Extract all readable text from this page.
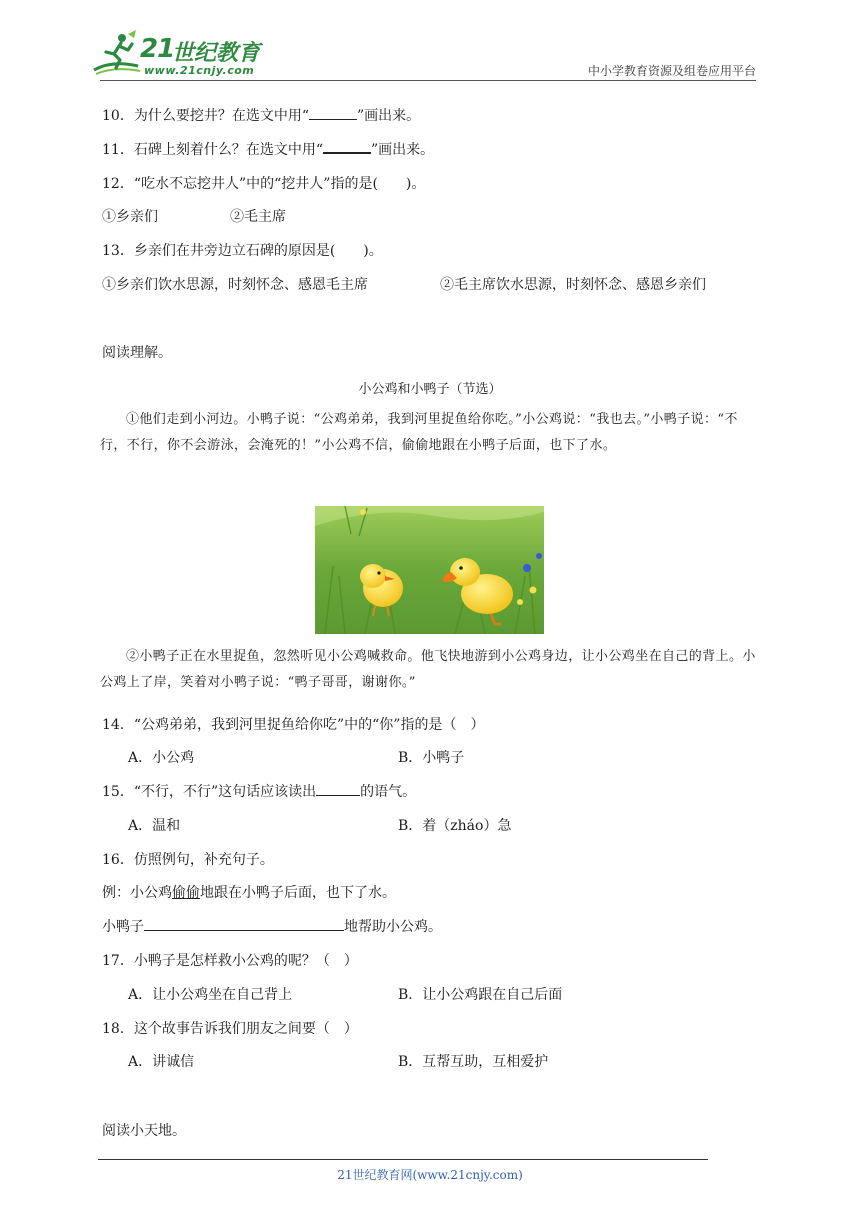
21
世纪教育
www.21cnjy.com	中小学教育资源及组卷应用平台
10．为什么要挖井？在选文中用“	”画出来。
11．石碑上刻着什么？在选文中用“	”画出来。
12．“吃水不忘挖井人”中的“挖井人”指的是(　　)。
①乡亲们	②毛主席
13．乡亲们在井旁边立石碑的原因是(　　)。
①乡亲们饮水思源，时刻怀念、感恩毛主席	②毛主席饮水思源，时刻怀念、感恩乡亲们
阅读理解。
小公鸡和小鸭子（节选）
①他们走到小河边。小鸭子说：“公鸡弟弟，我到河里捉鱼给你吃。”小公鸡说：“我也去。”小鸭子说：“不行，不行，你不会游泳，会淹死的！”小公鸡不信，偷偷地跟在小鸭子后面，也下了水。
②小鸭子正在水里捉鱼，忽然听见小公鸡喊救命。他飞快地游到小公鸡身边，让小公鸡坐在自己的背上。小公鸡上了岸，笑着对小鸭子说：“鸭子哥哥，谢谢你。”
14．“公鸡弟弟，我到河里捉鱼给你吃”中的“你”指的是（　）
A．小公鸡	B．小鸭子
15．“不行，不行”这句话应该读出	的语气。
A．温和	B．着（zháo）急
16．仿照例句，补充句子。
例：小公鸡偷偷地跟在小鸭子后面，也下了水。
小鸭子	地帮助小公鸡。
17．小鸭子是怎样救小公鸡的呢？（　）
A．让小公鸡坐在自己背上	B．让小公鸡跟在自己后面
18．这个故事告诉我们朋友之间要（　）
A．讲诚信	B．互帮互助，互相爱护
阅读小天地。
21世纪教育网(www.21cnjy.com)
